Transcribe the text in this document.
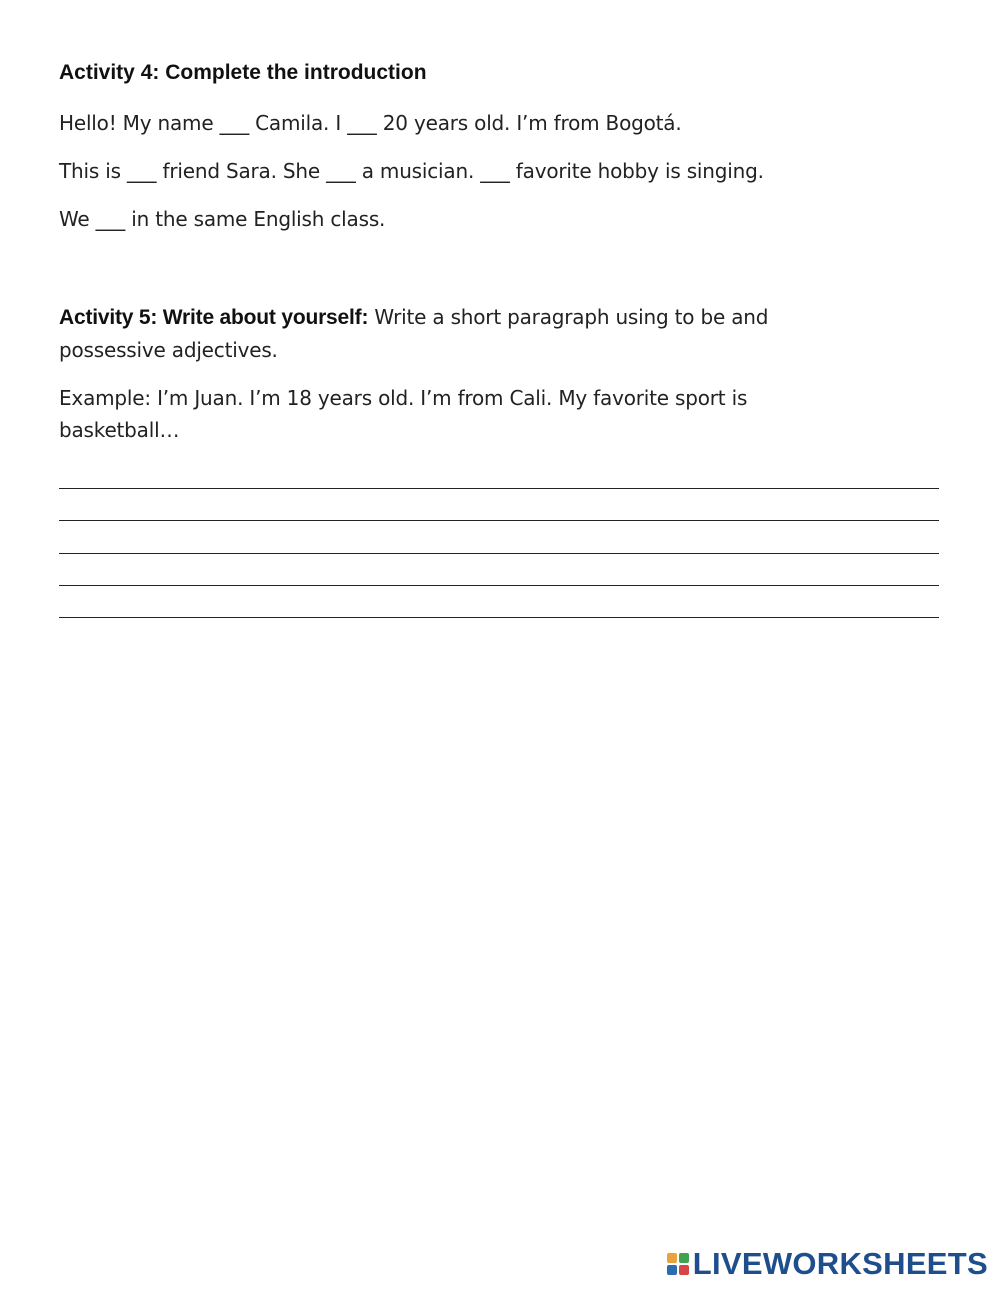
Activity 4: Complete the introduction
Hello! My name ___ Camila. I ___ 20 years old. I’m from Bogotá.
This is ___ friend Sara. She ___ a musician. ___ favorite hobby is singing.
We ___ in the same English class.
Activity 5: Write about yourself: Write a short paragraph using to be and possessive adjectives.
Example: I’m Juan. I’m 18 years old. I’m from Cali. My favorite sport is basketball…
LIVEWORKSHEETS
